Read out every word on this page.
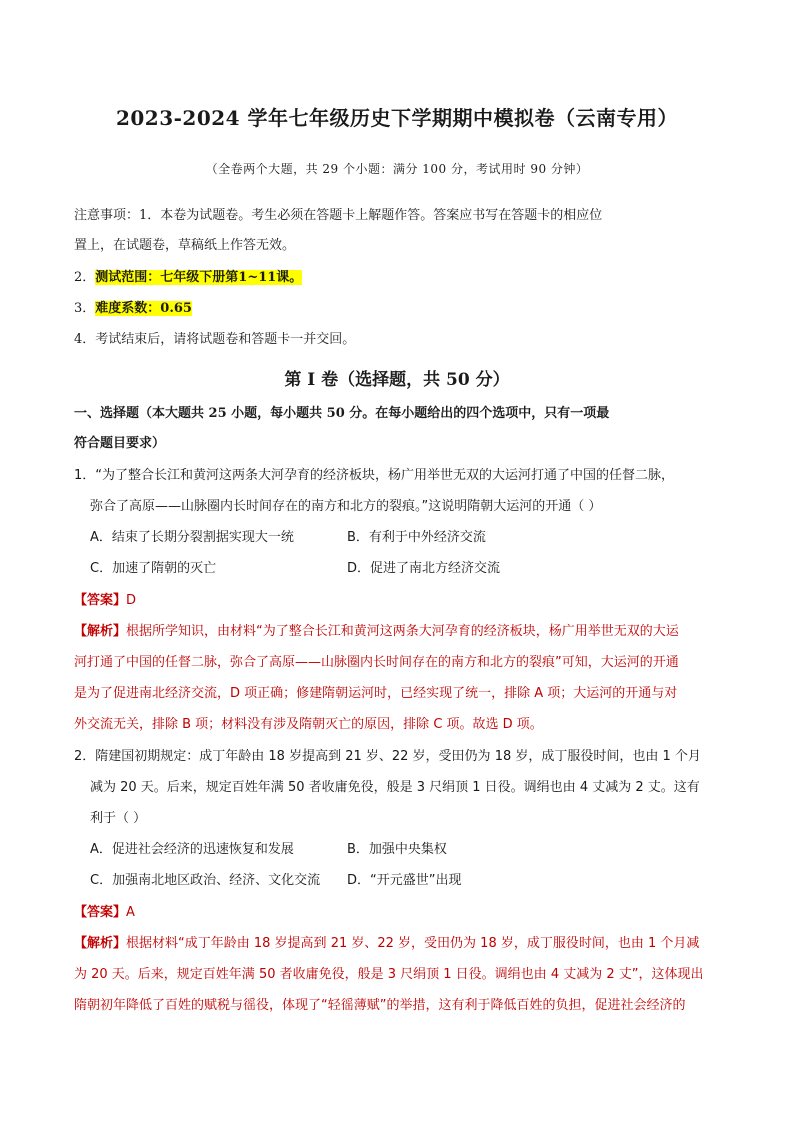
2023-2024 学年七年级历史下学期期中模拟卷（云南专用）
（全卷两个大题，共 29 个小题：满分 100 分，考试用时 90 分钟）
注意事项：1．本卷为试题卷。考生必须在答题卡上解题作答。答案应书写在答题卡的相应位
置上，在试题卷，草稿纸上作答无效。
2．测试范围：七年级下册第1~11课。
3．难度系数：0.65
4．考试结束后，请将试题卷和答题卡一并交回。
第 I 卷（选择题，共 50 分）
一、选择题（本大题共 25 小题，每小题共 50 分。在每小题给出的四个选项中，只有一项最
符合题目要求）
1．“为了整合长江和黄河这两条大河孕育的经济板块，杨广用举世无双的大运河打通了中国的任督二脉，
弥合了高原——山脉圈内长时间存在的南方和北方的裂痕。”这说明隋朝大运河的开通（ ）
A．结束了长期分裂割据实现大一统	B．有利于中外经济交流
C．加速了隋朝的灭亡	D．促进了南北方经济交流
【答案】D
【解析】根据所学知识，由材料“为了整合长江和黄河这两条大河孕育的经济板块，杨广用举世无双的大运
河打通了中国的任督二脉，弥合了高原——山脉圈内长时间存在的南方和北方的裂痕”可知，大运河的开通
是为了促进南北经济交流，D 项正确；修建隋朝运河时，已经实现了统一，排除 A 项；大运河的开通与对
外交流无关，排除 B 项；材料没有涉及隋朝灭亡的原因，排除 C 项。故选 D 项。
2．隋建国初期规定：成丁年龄由 18 岁提高到 21 岁、22 岁，受田仍为 18 岁，成丁服役时间，也由 1 个月
减为 20 天。后来，规定百姓年满 50 者收庸免役，般是 3 尺绢顶 1 日役。调绢也由 4 丈减为 2 丈。这有
利于（ ）
A．促进社会经济的迅速恢复和发展	B．加强中央集权
C．加强南北地区政治、经济、文化交流 D．“开元盛世”出现
【答案】A
【解析】根据材料“成丁年龄由 18 岁提高到 21 岁、22 岁，受田仍为 18 岁，成丁服役时间，也由 1 个月减
为 20 天。后来，规定百姓年满 50 者收庸免役，般是 3 尺绢顶 1 日役。调绢也由 4 丈减为 2 丈”，这体现出
隋朝初年降低了百姓的赋税与徭役，体现了“轻徭薄赋”的举措，这有利于降低百姓的负担，促进社会经济的
